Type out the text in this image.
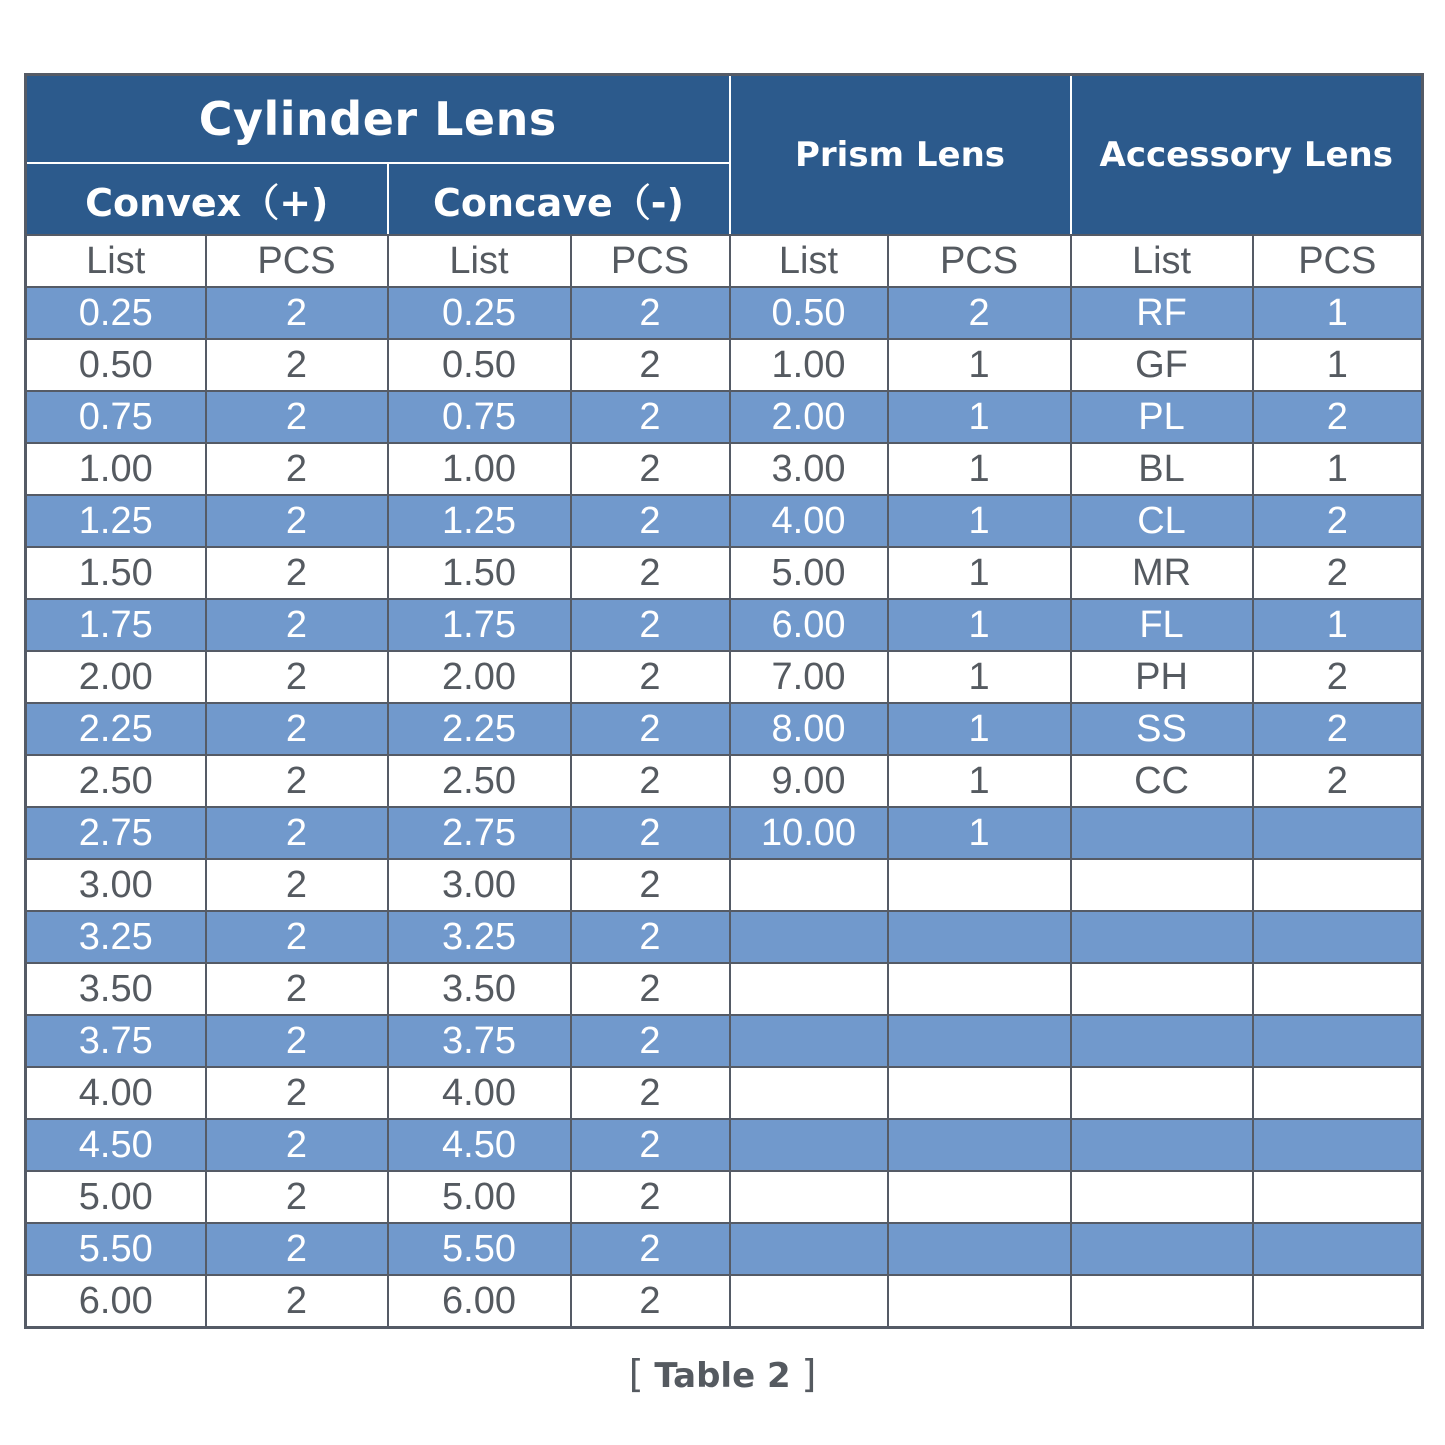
Cylinder Lens				Prism Lens		Accessory Lens	
Convex（+)		Concave（-)					
List	PCS	List	PCS	List	PCS	List	PCS
0.25	2	0.25	2	0.50	2	RF	1
0.50	2	0.50	2	1.00	1	GF	1
0.75	2	0.75	2	2.00	1	PL	2
1.00	2	1.00	2	3.00	1	BL	1
1.25	2	1.25	2	4.00	1	CL	2
1.50	2	1.50	2	5.00	1	MR	2
1.75	2	1.75	2	6.00	1	FL	1
2.00	2	2.00	2	7.00	1	PH	2
2.25	2	2.25	2	8.00	1	SS	2
2.50	2	2.50	2	9.00	1	CC	2
2.75	2	2.75	2	10.00	1		
3.00	2	3.00	2				
3.25	2	3.25	2				
3.50	2	3.50	2				
3.75	2	3.75	2				
4.00	2	4.00	2				
4.50	2	4.50	2				
5.00	2	5.00	2				
5.50	2	5.50	2				
6.00	2	6.00	2				
[ Table 2 ]
